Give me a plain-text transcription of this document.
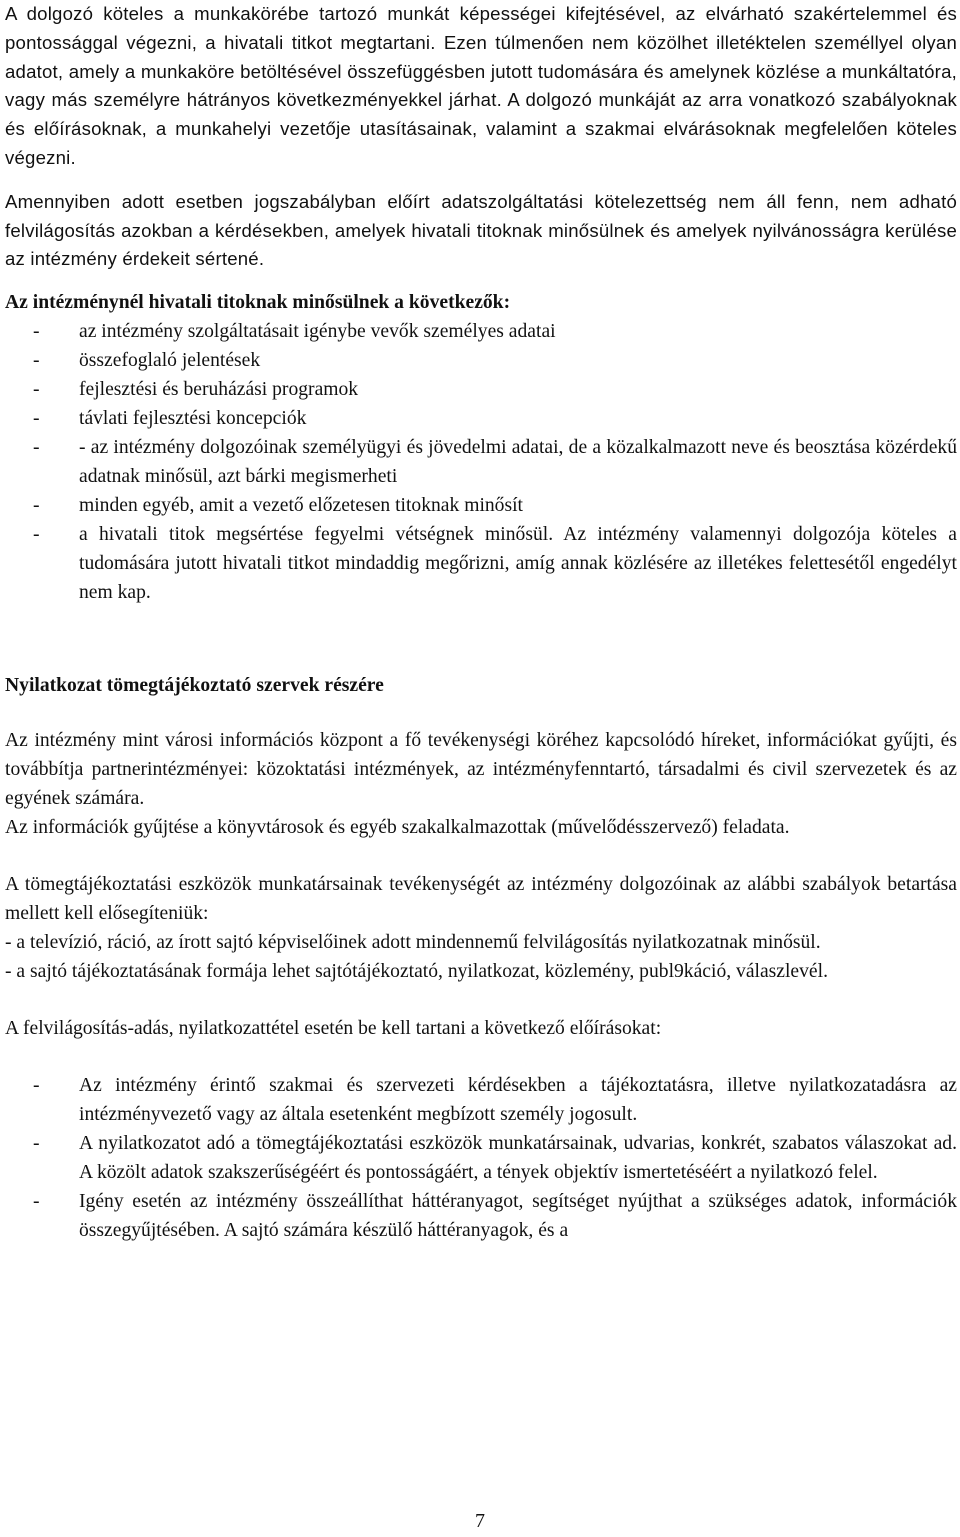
A dolgozó köteles a munkakörébe tartozó munkát képességei kifejtésével, az elvárható szakértelemmel és pontossággal végezni, a hivatali titkot megtartani. Ezen túlmenően nem közölhet illetéktelen személlyel olyan adatot, amely a munkaköre betöltésével összefüggésben jutott tudomására és amelynek közlése a munkáltatóra, vagy más személyre hátrányos következményekkel járhat. A dolgozó munkáját az arra vonatkozó szabályoknak és előírásoknak, a munkahelyi vezetője utasításainak, valamint a szakmai elvárásoknak megfelelően köteles végezni.

Amennyiben adott esetben jogszabályban előírt adatszolgáltatási kötelezettség nem áll fenn, nem adható felvilágosítás azokban a kérdésekben, amelyek hivatali titoknak minősülnek és amelyek nyilvánosságra kerülése az intézmény érdekeit sértené.

Az intézménynél hivatali titoknak minősülnek a következők:

- az intézmény szolgáltatásait igénybe vevők személyes adatai
- összefoglaló jelentések
- fejlesztési és beruházási programok
- távlati fejlesztési koncepciók
- - az intézmény dolgozóinak személyügyi és jövedelmi adatai, de a közalkalmazott neve és beosztása közérdekű adatnak minősül, azt bárki megismerheti
- minden egyéb, amit a vezető előzetesen titoknak minősít
- a hivatali titok megsértése fegyelmi vétségnek minősül. Az intézmény valamennyi dolgozója köteles a tudomására jutott hivatali titkot mindaddig megőrizni, amíg annak közlésére az illetékes felettesétől engedélyt nem kap.

Nyilatkozat tömegtájékoztató szervek részére

Az intézmény mint városi információs központ a fő tevékenységi köréhez kapcsolódó híreket, információkat gyűjti, és továbbítja partnerintézményei: közoktatási intézmények, az intézményfenntartó, társadalmi és civil szervezetek és az egyének számára.

Az információk gyűjtése a könyvtárosok és egyéb szakalkalmazottak (művelődésszervező) feladata.

A tömegtájékoztatási eszközök munkatársainak tevékenységét az intézmény dolgozóinak az alábbi szabályok betartása mellett kell elősegíteniük:

- a televízió, ráció, az írott sajtó képviselőinek adott mindennemű felvilágosítás nyilatkozatnak minősül.

- a sajtó tájékoztatásának formája lehet sajtótájékoztató, nyilatkozat, közlemény, publ9káció, válaszlevél.

A felvilágosítás-adás, nyilatkozattétel esetén be kell tartani a következő előírásokat:

- Az intézmény érintő szakmai és szervezeti kérdésekben a tájékoztatásra, illetve nyilatkozatadásra az intézményvezető vagy az általa esetenként megbízott személy jogosult.
- A nyilatkozatot adó a tömegtájékoztatási eszközök munkatársainak, udvarias, konkrét, szabatos válaszokat ad. A közölt adatok szakszerűségéért és pontosságáért, a tények objektív ismertetéséért a nyilatkozó felel.
- Igény esetén az intézmény összeállíthat háttéranyagot, segítséget nyújthat a szükséges adatok, információk összegyűjtésében. A sajtó számára készülő háttéranyagok, és a
7
